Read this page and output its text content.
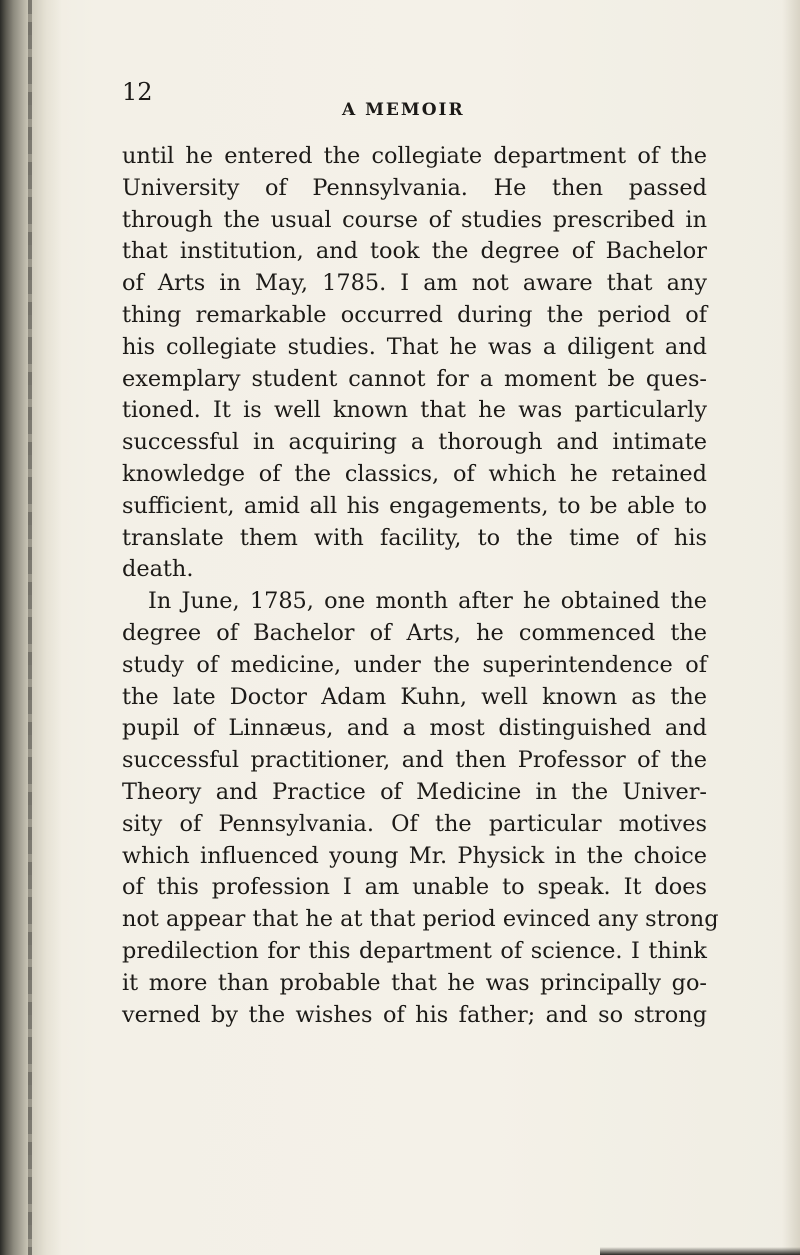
12
A MEMOIR
until he entered the collegiate department of the
University of Pennsylvania. He then passed
through the usual course of studies prescribed in
that institution, and took the degree of Bachelor
of Arts in May, 1785. I am not aware that any
thing remarkable occurred during the period of
his collegiate studies. That he was a diligent and
exemplary student cannot for a moment be ques-
tioned. It is well known that he was particularly
successful in acquiring a thorough and intimate
knowledge of the classics, of which he retained
sufficient, amid all his engagements, to be able to
translate them with facility, to the time of his
death.
In June, 1785, one month after he obtained the
degree of Bachelor of Arts, he commenced the
study of medicine, under the superintendence of
the late Doctor Adam Kuhn, well known as the
pupil of Linnæus, and a most distinguished and
successful practitioner, and then Professor of the
Theory and Practice of Medicine in the Univer-
sity of Pennsylvania. Of the particular motives
which influenced young Mr. Physick in the choice
of this profession I am unable to speak. It does
not appear that he at that period evinced any strong
predilection for this department of science. I think
it more than probable that he was principally go-
verned by the wishes of his father; and so strong
